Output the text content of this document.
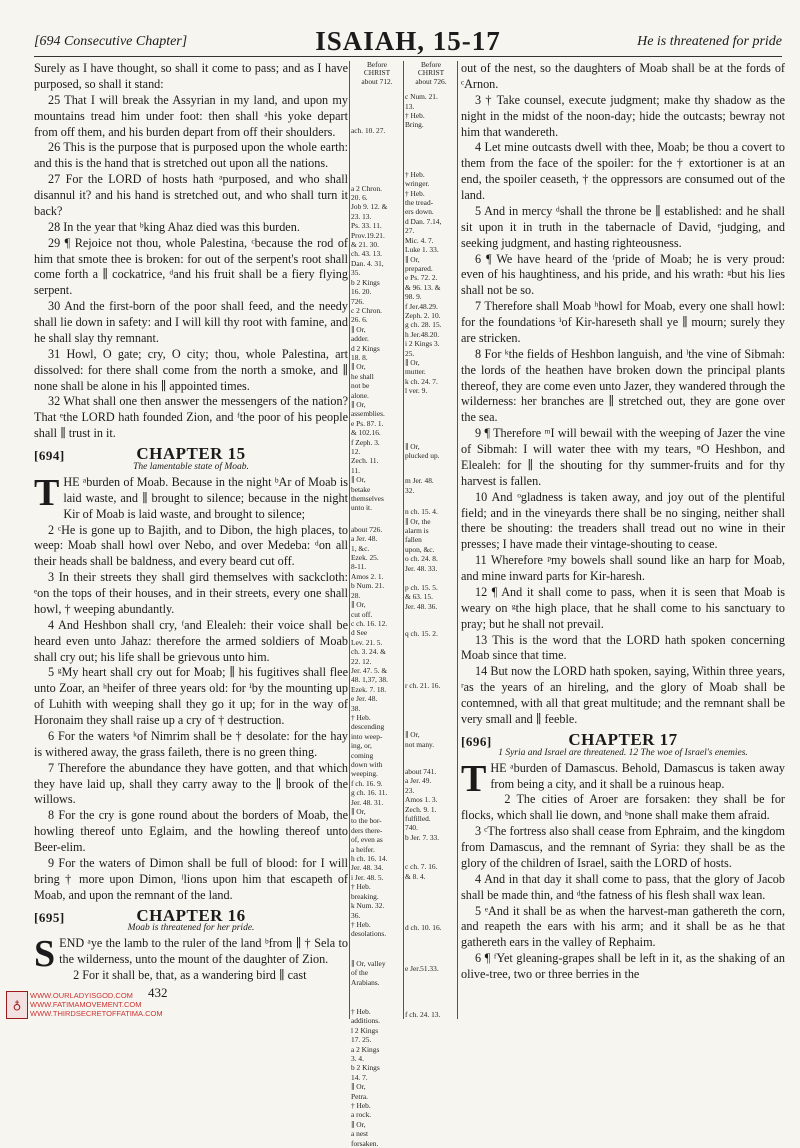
[694 Consecutive Chapter]	ISAIAH, 15-17	He is threatened for pride

Surely as I have thought, so shall it come to pass; and as I have purposed, so shall it stand:

25 That I will break the Assyrian in my land, and upon my mountains tread him under foot: then shall ᵃhis yoke depart from off them, and his burden depart from off their shoulders.

26 This is the purpose that is purposed upon the whole earth: and this is the hand that is stretched out upon all the nations.

27 For the LORD of hosts hath ᵃpurposed, and who shall disannul it? and his hand is stretched out, and who shall turn it back?

28 In the year that ᵇking Ahaz died was this burden.

29 ¶ Rejoice not thou, whole Palestina, ᶜbecause the rod of him that smote thee is broken: for out of the serpent's root shall come forth a ∥ cockatrice, ᵈand his fruit shall be a fiery flying serpent.

30 And the first-born of the poor shall feed, and the needy shall lie down in safety: and I will kill thy root with famine, and he shall slay thy remnant.

31 Howl, O gate; cry, O city; thou, whole Palestina, art dissolved: for there shall come from the north a smoke, and ∥ none shall be alone in his ∥ appointed times.

32 What shall one then answer the messengers of the nation? That ᵉthe LORD hath founded Zion, and ᶠthe poor of his people shall ∥ trust in it.

[694]	CHAPTER 15
The lamentable state of Moab.

THE ᵃburden of Moab. Because in the night ᵇAr of Moab is laid waste, and ∥ brought to silence; because in the night Kir of Moab is laid waste, and brought to silence;

2 ᶜHe is gone up to Bajith, and to Dibon, the high places, to weep: Moab shall howl over Nebo, and over Medeba: ᵈon all their heads shall be baldness, and every beard cut off.

3 In their streets they shall gird themselves with sackcloth: ᵉon the tops of their houses, and in their streets, every one shall howl, † weeping abundantly.

4 And Heshbon shall cry, ᶠand Elealeh: their voice shall be heard even unto Jahaz: therefore the armed soldiers of Moab shall cry out; his life shall be grievous unto him.

5 ᵍMy heart shall cry out for Moab; ∥ his fugitives shall flee unto Zoar, an ʰheifer of three years old: for ⁱby the mounting up of Luhith with weeping shall they go it up; for in the way of Horonaim they shall raise up a cry of † destruction.

6 For the waters ᵏof Nimrim shall be † desolate: for the hay is withered away, the grass faileth, there is no green thing.

7 Therefore the abundance they have gotten, and that which they have laid up, shall they carry away to the ∥ brook of the willows.

8 For the cry is gone round about the borders of Moab, the howling thereof unto Eglaim, and the howling thereof unto Beer-elim.

9 For the waters of Dimon shall be full of blood: for I will bring † more upon Dimon, ˡlions upon him that escapeth of Moab, and upon the remnant of the land.

[695]	CHAPTER 16
Moab is threatened for her pride.

SEND ᵃye the lamb to the ruler of the land ᵇfrom ∥ † Sela to the wilderness, unto the mount of the daughter of Zion.

2 For it shall be, that, as a wandering bird ∥ cast

Before
CHRIST
about 712.
ach. 10. 27.
a 2 Chron.
20. 6.
Job 9. 12. &
23. 13.
Ps. 33. 11.
Prov.19.21.
& 21. 30.
ch. 43. 13.
Dan. 4. 31,
35.
b 2 Kings
16. 20.
726.
c 2 Chron.
26. 6.
∥ Or,
adder.
d 2 Kings
18. 8.
∥ Or,
he shall
not be
alone.
∥ Or,
assemblies.
e Ps. 87. 1.
& 102.16.
f Zeph. 3.
12.
Zech. 11.
11.
∥ Or,
betake
themselves
unto it.
about 726.
a Jer. 48.
1, &c.
Ezek. 25.
8-11.
Amos 2. 1.
b Num. 21.
28.
∥ Or,
cut off.
c ch. 16. 12.
d See
Lev. 21. 5.
ch. 3. 24. &
22. 12.
Jer. 47. 5. &
48. 1,37, 38.
Ezek. 7. 18.
e Jer. 48.
38.
† Heb.
descending
into weep-
ing, or,
coming
down with
weeping.
f ch. 16. 9.
g ch. 16. 11.
Jer. 48. 31.
∥ Or,
to the bor-
ders there-
of, even as
a heifer.
h ch. 16. 14.
Jer. 48. 34.
i Jer. 48. 5.
† Heb.
breaking.
k Num. 32.
36.
† Heb.
desolations.
∥ Or, valley
of the
Arabians.
† Heb.
additions.
l 2 Kings
17. 25.
a 2 Kings
3. 4.
b 2 Kings
14. 7.
∥ Or,
Petra.
† Heb.
a rock.
∥ Or,
a nest
forsaken.
Before
CHRIST
about 726.
c Num. 21.
13.
† Heb.
Bring.
† Heb.
wringer.
† Heb.
the tread-
ers down.
d Dan. 7.14,
27.
Mic. 4. 7.
Luke 1. 33.
∥ Or,
prepared.
e Ps. 72. 2.
& 96. 13. &
98. 9.
f Jer.48.29.
Zeph. 2. 10.
g ch. 28. 15.
h Jer.48.20.
i 2 Kings 3.
25.
∥ Or,
mutter.
k ch. 24. 7.
l ver. 9.
∥ Or,
plucked up.
m Jer. 48.
32.
n ch. 15. 4.
∥ Or, the
alarm is
fallen
upon, &c.
o ch. 24. 8.
Jer. 48. 33.
p ch. 15. 5.
& 63. 15.
Jer. 48. 36.
q ch. 15. 2.
r ch. 21. 16.
∥ Or,
not many.
about 741.
a Jer. 49.
23.
Amos 1. 3.
Zech. 9. 1.
fulfilled.
740.
b Jer. 7. 33.
c ch. 7. 16.
& 8. 4.
d ch. 10. 16.
e Jer.51.33.
f ch. 24. 13.

out of the nest, so the daughters of Moab shall be at the fords of ᶜArnon.

3 † Take counsel, execute judgment; make thy shadow as the night in the midst of the noon-day; hide the outcasts; bewray not him that wandereth.

4 Let mine outcasts dwell with thee, Moab; be thou a covert to them from the face of the spoiler: for the † extortioner is at an end, the spoiler ceaseth, † the oppressors are consumed out of the land.

5 And in mercy ᵈshall the throne be ∥ established: and he shall sit upon it in truth in the tabernacle of David, ᵉjudging, and seeking judgment, and hasting righteousness.

6 ¶ We have heard of the ᶠpride of Moab; he is very proud: even of his haughtiness, and his pride, and his wrath: ᵍbut his lies shall not be so.

7 Therefore shall Moab ʰhowl for Moab, every one shall howl: for the foundations ⁱof Kir-hareseth shall ye ∥ mourn; surely they are stricken.

8 For ᵏthe fields of Heshbon languish, and ˡthe vine of Sibmah: the lords of the heathen have broken down the principal plants thereof, they are come even unto Jazer, they wandered through the wilderness: her branches are ∥ stretched out, they are gone over the sea.

9 ¶ Therefore ᵐI will bewail with the weeping of Jazer the vine of Sibmah: I will water thee with my tears, ⁿO Heshbon, and Elealeh: for ∥ the shouting for thy summer-fruits and for thy harvest is fallen.

10 And ᵒgladness is taken away, and joy out of the plentiful field; and in the vineyards there shall be no singing, neither shall there be shouting: the treaders shall tread out no wine in their presses; I have made their vintage-shouting to cease.

11 Wherefore ᵖmy bowels shall sound like an harp for Moab, and mine inward parts for Kir-haresh.

12 ¶ And it shall come to pass, when it is seen that Moab is weary on ᵍthe high place, that he shall come to his sanctuary to pray; but he shall not prevail.

13 This is the word that the LORD hath spoken concerning Moab since that time.

14 But now the LORD hath spoken, saying, Within three years, ʳas the years of an hireling, and the glory of Moab shall be contemned, with all that great multitude; and the remnant shall be very small and ∥ feeble.

[696]	CHAPTER 17
1 Syria and Israel are threatened. 12 The woe of Israel's enemies.

THE ᵃburden of Damascus. Behold, Damascus is taken away from being a city, and it shall be a ruinous heap.

2 The cities of Aroer are forsaken: they shall be for flocks, which shall lie down, and ᵇnone shall make them afraid.

3 ᶜThe fortress also shall cease from Ephraim, and the kingdom from Damascus, and the remnant of Syria: they shall be as the glory of the children of Israel, saith the LORD of hosts.

4 And in that day it shall come to pass, that the glory of Jacob shall be made thin, and ᵈthe fatness of his flesh shall wax lean.

5 ᵉAnd it shall be as when the harvest-man gathereth the corn, and reapeth the ears with his arm; and it shall be as he that gathereth ears in the valley of Rephaim.

6 ¶ ᶠYet gleaning-grapes shall be left in it, as the shaking of an olive-tree, two or three berries in the

♁
WWW.OURLADYISGOD.COM
WWW.FATIMAMOVEMENT.COM
WWW.THIRDSECRETOFFATIMA.COM
432
